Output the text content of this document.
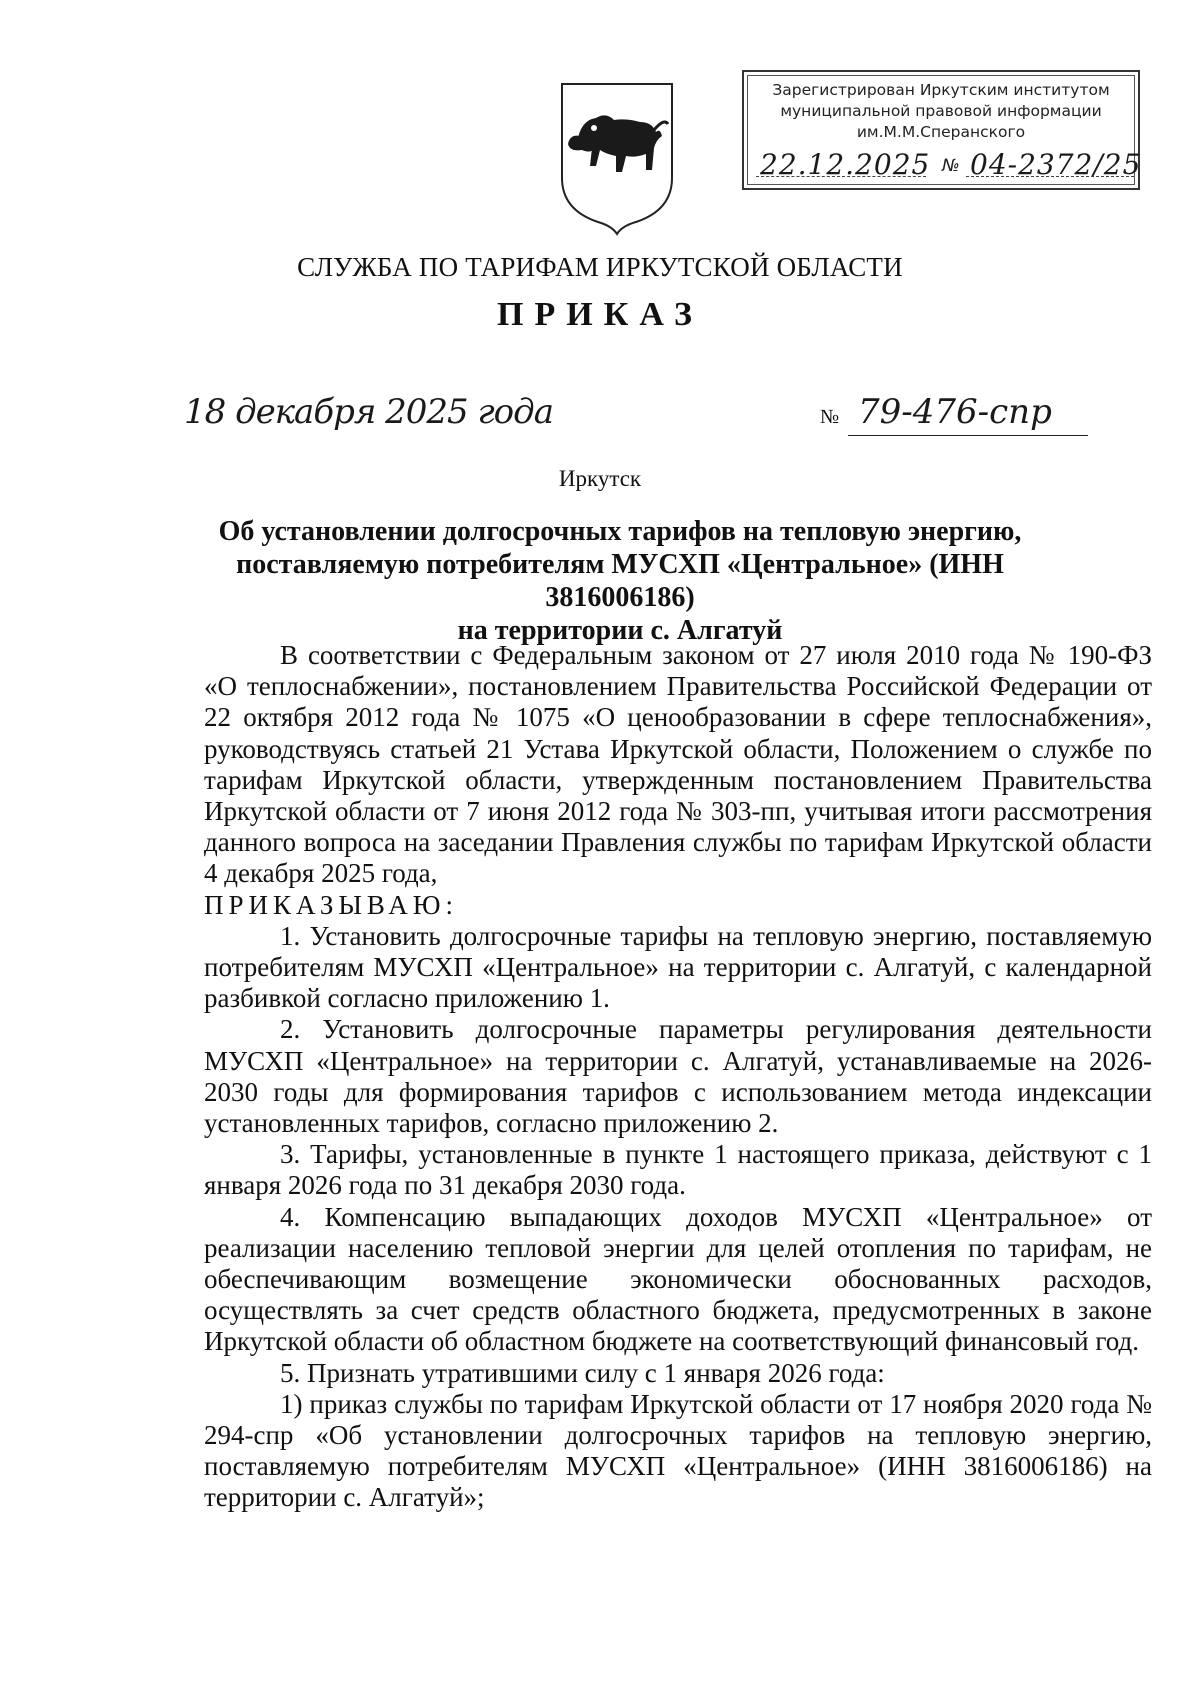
Зарегистрирован Иркутским институтом
муниципальной правовой информации
им.М.М.Сперанского
22.12.2025 № 04-2372/25
СЛУЖБА ПО ТАРИФАМ ИРКУТСКОЙ ОБЛАСТИ
ПРИКАЗ
18 декабря 2025 года	№ 79-476-спр
Иркутск
Об установлении долгосрочных тарифов на тепловую энергию,
поставляемую потребителям МУСХП «Центральное» (ИНН 3816006186)
на территории с. Алгатуй

В соответствии с Федеральным законом от 27 июля 2010 года № 190-ФЗ «О теплоснабжении», постановлением Правительства Российской Федерации от 22 октября 2012 года № 1075 «О ценообразовании в сфере теплоснабжения», руководствуясь статьей 21 Устава Иркутской области, Положением о службе по тарифам Иркутской области, утвержденным постановлением Правительства Иркутской области от 7 июня 2012 года № 303-пп, учитывая итоги рассмотрения данного вопроса на заседании Правления службы по тарифам Иркутской области 4 декабря 2025 года,

ПРИКАЗЫВАЮ:

1. Установить долгосрочные тарифы на тепловую энергию, поставляемую потребителям МУСХП «Центральное» на территории с. Алгатуй, с календарной разбивкой согласно приложению 1.

2. Установить долгосрочные параметры регулирования деятельности МУСХП «Центральное» на территории с. Алгатуй, устанавливаемые на 2026-2030 годы для формирования тарифов с использованием метода индексации установленных тарифов, согласно приложению 2.

3. Тарифы, установленные в пункте 1 настоящего приказа, действуют с 1 января 2026 года по 31 декабря 2030 года.

4. Компенсацию выпадающих доходов МУСХП «Центральное» от реализации населению тепловой энергии для целей отопления по тарифам, не обеспечивающим возмещение экономически обоснованных расходов, осуществлять за счет средств областного бюджета, предусмотренных в законе Иркутской области об областном бюджете на соответствующий финансовый год.

5. Признать утратившими силу с 1 января 2026 года:

1) приказ службы по тарифам Иркутской области от 17 ноября 2020 года № 294-спр «Об установлении долгосрочных тарифов на тепловую энергию, поставляемую потребителям МУСХП «Центральное» (ИНН 3816006186) на территории с. Алгатуй»;
